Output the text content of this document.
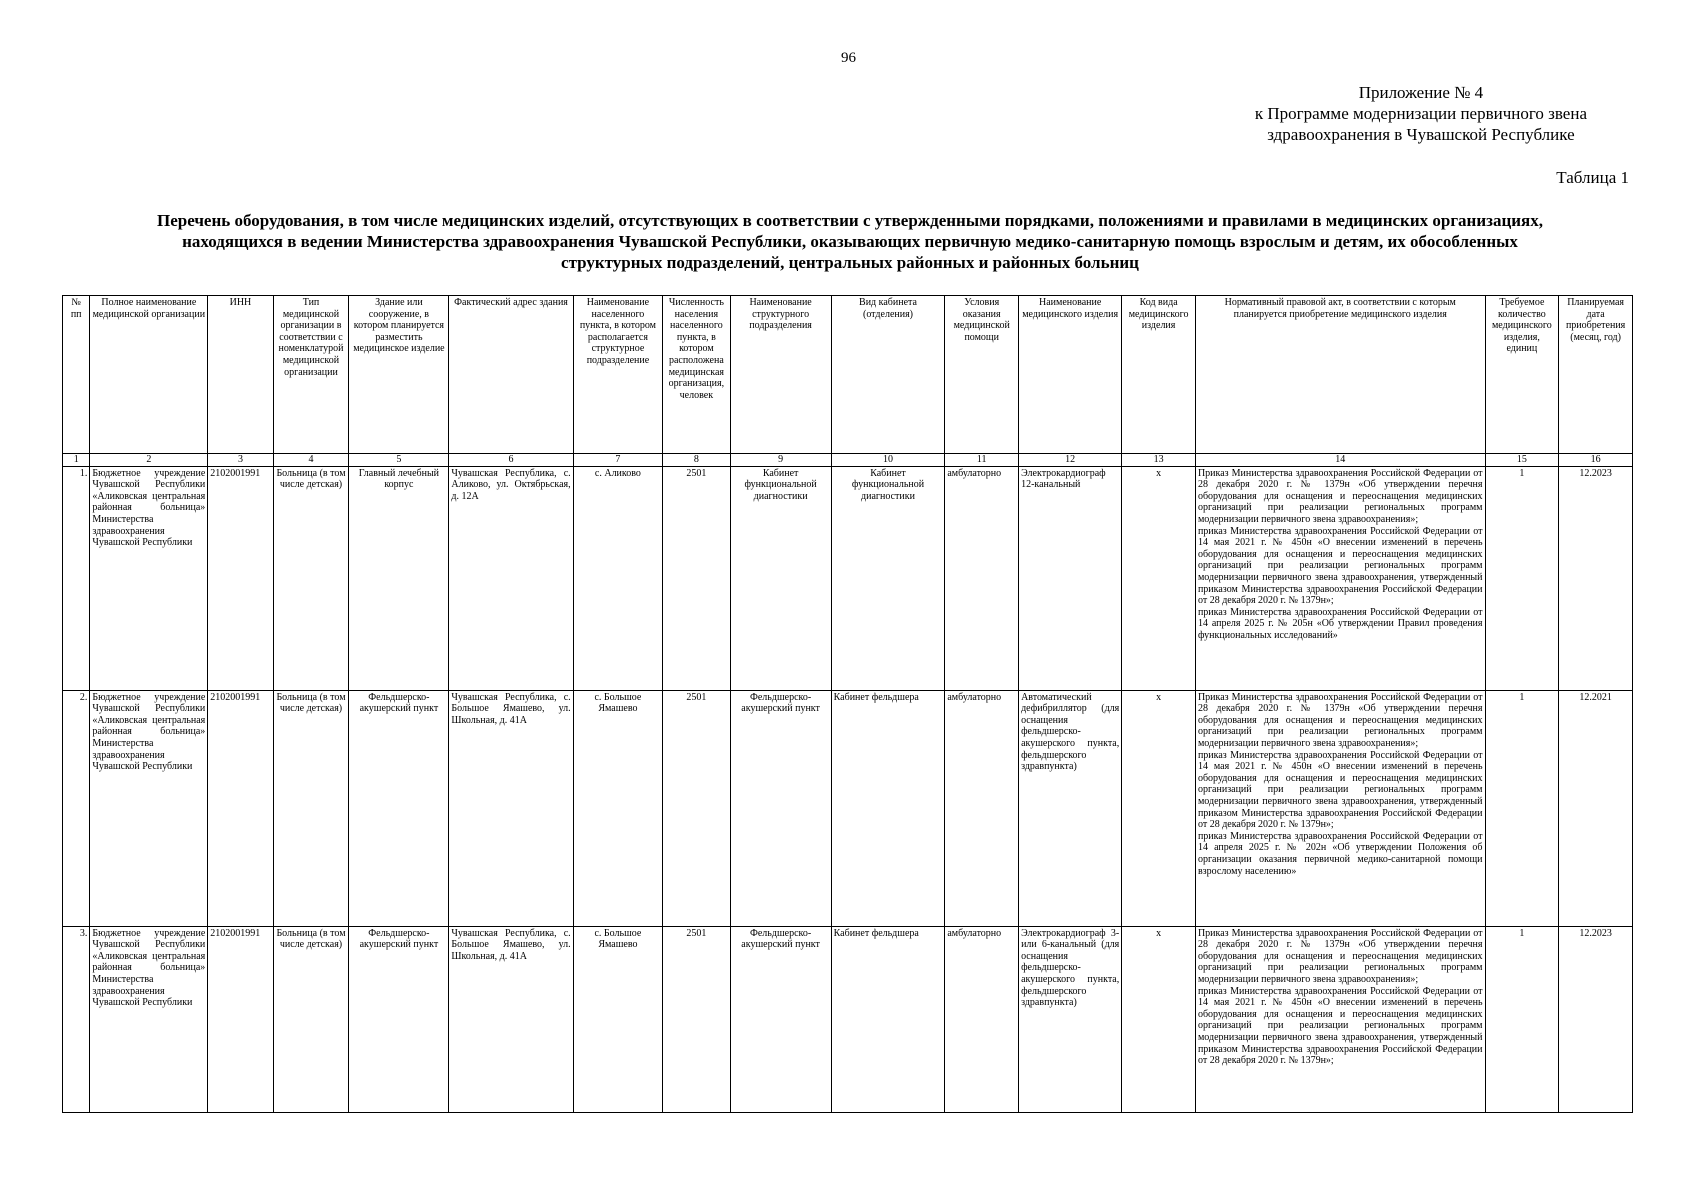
96
Приложение № 4
к Программе модернизации первичного звена
здравоохранения в Чувашской Республике
Таблица 1
Перечень оборудования, в том числе медицинских изделий, отсутствующих в соответствии с утвержденными порядками, положениями и правилами в медицинских организациях,
находящихся в ведении Министерства здравоохранения Чувашской Республики, оказывающих первичную медико-санитарную помощь взрослым и детям, их обособленных
структурных подразделений, центральных районных и районных больниц
№ пп	Полное наименование медицинской организации	ИНН	Тип медицинской организации в соответствии с номенклатурой медицинской организации	Здание или сооружение, в котором планируется разместить медицинское изделие	Фактический адрес здания	Наименование населенного пункта, в котором располагается структурное подразделение	Численность населения населенного пункта, в котором расположена медицинская организация, человек	Наименование структурного подразделения	Вид кабинета (отделения)	Условия оказания медицинской помощи	Наименование медицинского изделия	Код вида медицинского изделия	Нормативный правовой акт, в соответствии с которым планируется приобретение медицинского изделия	Требуемое количество медицинского изделия, единиц	Планируемая дата приобретения (месяц, год)
1	2	3	4	5	6	7	8	9	10	11	12	13	14	15	16
1.	Бюджетное учреждение Чувашской Республики «Аликовская центральная районная больница» Министерства здравоохранения Чувашской Республики	2102001991	Больница (в том числе детская)	Главный лечебный корпус	Чувашская Республика, с. Аликово, ул. Октябрьская, д. 12А	с. Аликово	2501	Кабинет функциональной диагностики	Кабинет функциональной диагностики	амбулаторно	Электрокардиограф 12-канальный	х	Приказ Министерства здравоохранения Российской Федерации от 28 декабря 2020 г. № 1379н «Об утверждении перечня оборудования для оснащения и переоснащения медицинских организаций при реализации региональных программ модернизации первичного звена здравоохранения»;
приказ Министерства здравоохранения Российской Федерации от 14 мая 2021 г. № 450н «О внесении изменений в перечень оборудования для оснащения и переоснащения медицинских организаций при реализации региональных программ модернизации первичного звена здравоохранения, утвержденный приказом Министерства здравоохранения Российской Федерации от 28 декабря 2020 г. № 1379н»;
приказ Министерства здравоохранения Российской Федерации от 14 апреля 2025 г. № 205н «Об утверждении Правил проведения функциональных исследований»	1	12.2023
2.	Бюджетное учреждение Чувашской Республики «Аликовская центральная районная больница» Министерства здравоохранения Чувашской Республики	2102001991	Больница (в том числе детская)	Фельдшерско-акушерский пункт	Чувашская Республика, с. Большое Ямашево, ул. Школьная, д. 41А	с. Большое Ямашево	2501	Фельдшерско-акушерский пункт	Кабинет фельдшера	амбулаторно	Автоматический дефибриллятор (для оснащения фельдшерско-акушерского пункта, фельдшерского здравпункта)	х	Приказ Министерства здравоохранения Российской Федерации от 28 декабря 2020 г. № 1379н «Об утверждении перечня оборудования для оснащения и переоснащения медицинских организаций при реализации региональных программ модернизации первичного звена здравоохранения»;
приказ Министерства здравоохранения Российской Федерации от 14 мая 2021 г. № 450н «О внесении изменений в перечень оборудования для оснащения и переоснащения медицинских организаций при реализации региональных программ модернизации первичного звена здравоохранения, утвержденный приказом Министерства здравоохранения Российской Федерации от 28 декабря 2020 г. № 1379н»;
приказ Министерства здравоохранения Российской Федерации от 14 апреля 2025 г. № 202н «Об утверждении Положения об организации оказания первичной медико-санитарной помощи взрослому населению»	1	12.2021
3.	Бюджетное учреждение Чувашской Республики «Аликовская центральная районная больница» Министерства здравоохранения Чувашской Республики	2102001991	Больница (в том числе детская)	Фельдшерско-акушерский пункт	Чувашская Республика, с. Большое Ямашево, ул. Школьная, д. 41А	с. Большое Ямашево	2501	Фельдшерско-акушерский пункт	Кабинет фельдшера	амбулаторно	Электрокардиограф 3- или 6-канальный (для оснащения фельдшерско-акушерского пункта, фельдшерского здравпункта)	х	Приказ Министерства здравоохранения Российской Федерации от 28 декабря 2020 г. № 1379н «Об утверждении перечня оборудования для оснащения и переоснащения медицинских организаций при реализации региональных программ модернизации первичного звена здравоохранения»;
приказ Министерства здравоохранения Российской Федерации от 14 мая 2021 г. № 450н «О внесении изменений в перечень оборудования для оснащения и переоснащения медицинских организаций при реализации региональных программ модернизации первичного звена здравоохранения, утвержденный приказом Министерства здравоохранения Российской Федерации от 28 декабря 2020 г. № 1379н»;	1	12.2023
